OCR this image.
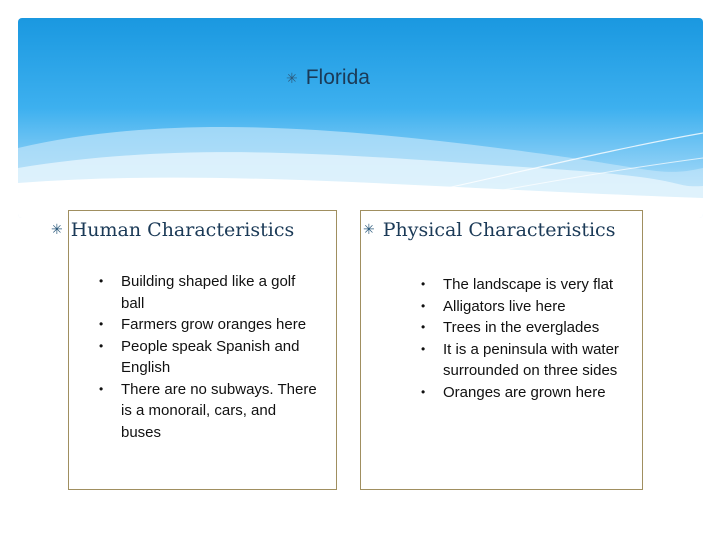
✳ Florida
✳ Human Characteristics
• Building shaped like a golf ball
• Farmers grow oranges here
• People speak Spanish and English
• There are no subways. There is a monorail, cars, and buses
✳ Physical Characteristics
• The landscape is very flat
• Alligators live here
• Trees in the everglades
• It is a peninsula with water surrounded on three sides
• Oranges are grown here
